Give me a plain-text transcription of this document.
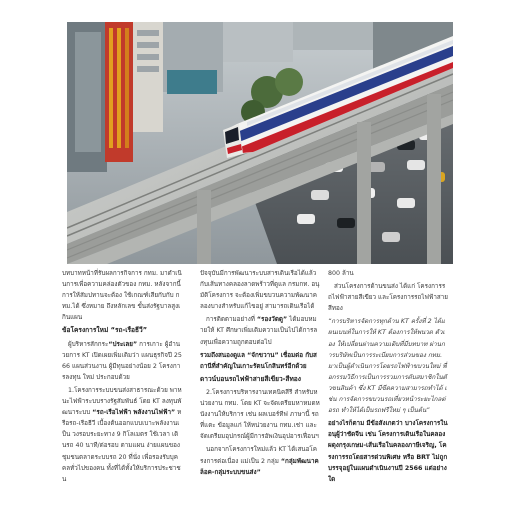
บทบาทหน้าที่รับผลการกิจการ กทม. มาดำเนินการเพื่อความคล่องตัวของ กทม. หลังจากนี้ การให้สัมปทานจะต้อง ใช้เกณฑ์เสียกับกับ กทม.ได้ ซึ่งหมาย ถึงหลักเลข ขั้นส่งรัฐบาลสูงเกินแผน

ข้อโครงการใหม่ “รถ-เรือธีวี”

ผู้บริหารสักกระ“ประเลย” การเกาะ ผู้อำนวยการ KT เปิดเผยเพิ่มเติมว่า แผนธุรกิจปี 2566 แผนส่วนงาน ผู้มีทุนอย่างน้อย 2 โครงการลงทุน ใหม่ ประกอบด้วย

1.โครงการระบบขนส่งสาธารณะด้วย พาหนะไฟฟ้าระบบรางรัฐสัมพันธ์ โดย KT ลงทุนพัฒนาระบบ “รถ-เรือไฟฟ้า พลังงานไฟฟ้า” หรือรถ-เรือธีวี เบื้องต้นออกแบบเบาะพลังงานเป็น วงรอบระยะทาง 9 กิโลเมตร ใช้เวลา เดินรถ 40 นาที/ต่อรอบ ตามแผน ง่ายแผนของชุมชนตลาดระบบรถ 20 ที่นั่ง เพื่อรองรับบุคคลทั่วไปของคน ทั้งที่ได้ทั้งให้บริการประชาชน

ปัจจุบันมีการพัฒนาระบบสารเดินเรือได้แล้ว กับเส้นทางคลองลาดพร้าวที่ดูแล กรมกท. อนุมัติโครงการ จะต้องเพิ่มขบวนความพัฒนาคลองบางสำหรับแก้ไขอยู่ สามารถเดินเรือได้

การติดตามอย่างที่ “รองวัดดู” ได้มอบหมายให้ KT ศึกษาเพิ่มเติมความเป็นไปได้การลงทุนเพื่อความถูกตอบต่อไป

รวมถึงสนองดูแล “จักขวาน” เชื่อมต่อ กับสถานีที่สำคัญในเกาะรัตนโกสินทร์อีกด้วย

ดาวน์บอนรถไฟฟ้าสายสีเขียว-สีทอง

2.โครงการบริหารงานเทคนิคสีรี สำหรับหน่วยงาน กทม. โดย KT จะจัดเตรียมหาหมดหนังงานให้บริการ เช่น ผลเบอร์ทีฟ ภาษานี้ รถที่แตะ ข้อมูลแก่ ให้หน่วยงาน กทม.เช่า และจัดเตรียมอุปกรณ์ผู้มีการอัพเงินอุปอารเฟื่อนฯ

นอกจากโครงการใหม่แล้ว KT ได้เสนอโครงการต่อเนื่อง แม่เป็น 2 กลุ่ม “กลุ่มพัฒนาคล็อค-กลุ่มระบบขนส่ง”

800 ล้าน

ส่วนโครงการด้านขนส่ง ได้แก่ โครงการรถไฟฟ้าสายสีเขียว และโครงการรถไฟฟ้าสายสีทอง

“การบริหารจัดการทุกด้าน KT ครั้งที่ 2 ได้แผนเบนท์ในการให้ KT ต้องการให้พนวด ตัวเอง ให้เปลี่ยนผ่านความเติบที่มีบทบาท ผ่านการบริษัทเป็นการระเบียบการส่วนของ กทม. มาเป็นผู้ดำเนินการโดยรถไฟฟ้าขบวนใหม่ พื่อกรรมวิธีการเป็นการรวมการดับสมาชิกในตัวขนสินค้า ซึ่ง KT มีขีดความสามารถทำได้ เช่น การจัดการขบวนรถเที่ยวหน้าระยะไกลต่อรถ ทำให้ได้เป็นรถฟรีใหม่ ๆ เป็นต้น”

อย่างไรก็ตาม มีข้อสังเกตว่า บางโครงการในอนุผู้ว่าชัดจีน เช่น โครงการเดินเรือในคลองผดุงกรุงเกษม-เส้นเรือในคลองภาษีเจริญ, โครงการรถโดยสารด่วนพิเศษ หรือ BRT ไม่ถูกบรรจุอยู่ในแผนดำเนินงานปี 2566 แต่อย่างใด
